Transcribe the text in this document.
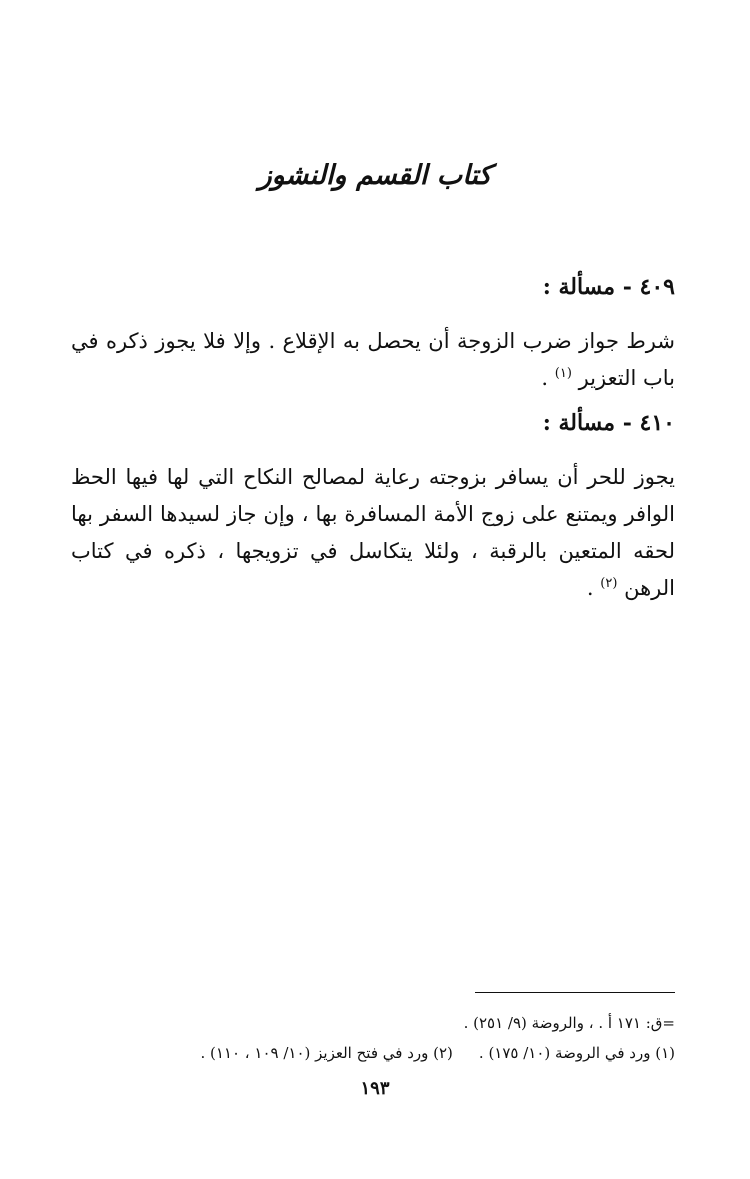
كتاب القسم والنشوز
٤٠٩ - مسألة :

شرط جواز ضرب الزوجة أن يحصل به الإقلاع . وإلا فلا يجوز ذكره في باب التعزير $^{(١)}$ .

٤١٠ - مسألة :

يجوز للحر أن يسافر بزوجته رعاية لمصالح النكاح التي لها فيها الحظ الوافر ويمتنع على زوج الأمة المسافرة بها ، وإن جاز لسيدها السفر بها لحقه المتعين بالرقبة ، ولئلا يتكاسل في تزويجها ، ذكره في كتاب الرهن $^{(٢)}$ .

=ق: ١٧١ أ . ، والروضة (٩/ ٢٥١) .
(١) ورد في الروضة (١٠/ ١٧٥) .(٢) ورد في فتح العزيز (١٠/ ١٠٩ ، ١١٠) .
١٩٣
